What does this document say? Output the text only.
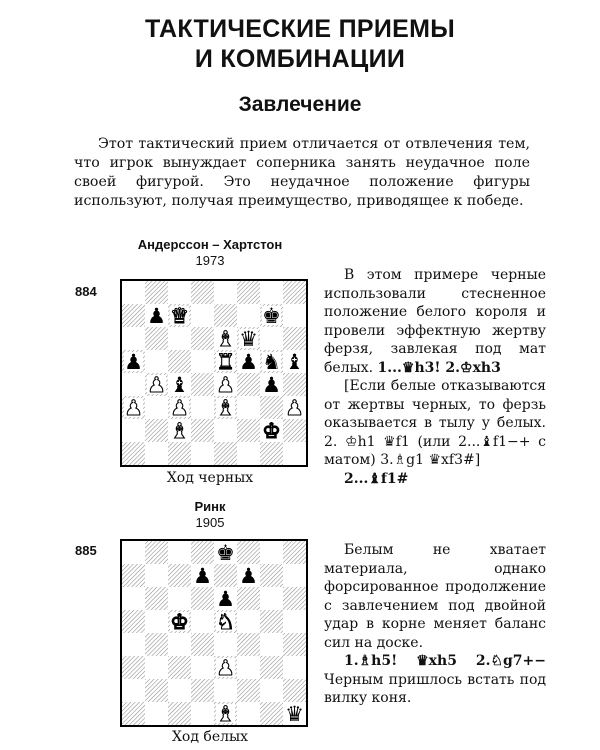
ТАКТИЧЕСКИЕ ПРИЕМЫ
И КОМБИНАЦИИ
Завлечение
Этот тактический прием отличается от отвлечения тем, что игрок вынуждает соперника занять неудачное поле своей фигурой. Это неудачное положение фигуры используют, получая преимущество, приводящее к победе.
Андерссон – Хартстон
1973
884
♟ ♛	♚
♝ ♛
♜ ♟ ♞ ♝
♟
♟ ♝ ♟ ♟
♟ ♟ ♝ ♟
♝	♚
Ход черных

В этом примере черные использовали стесненное положение белого короля и провели эффектную жертву ферзя, завлекая под мат белых. 1...♛h3! 2.♔xh3

[Если белые отказываются от жертвы черных, то ферзь оказывается в тылу у белых. 2. ♔h1 ♛f1 (или 2...♝f1−+ с матом) 3.♗g1 ♛xf3#]

2...♝f1#

Ринк
1905
885	♚
♟ ♟
♟
♚ ♞
♟
♝ ♛
Ход белых

Белым не хватает материала, однако форсированное продолжение с завлечением под двойной удар в корне меняет баланс сил на доске.

1.♗h5! ♛xh5 2.♘g7+− Черным пришлось встать под вилку коня.
